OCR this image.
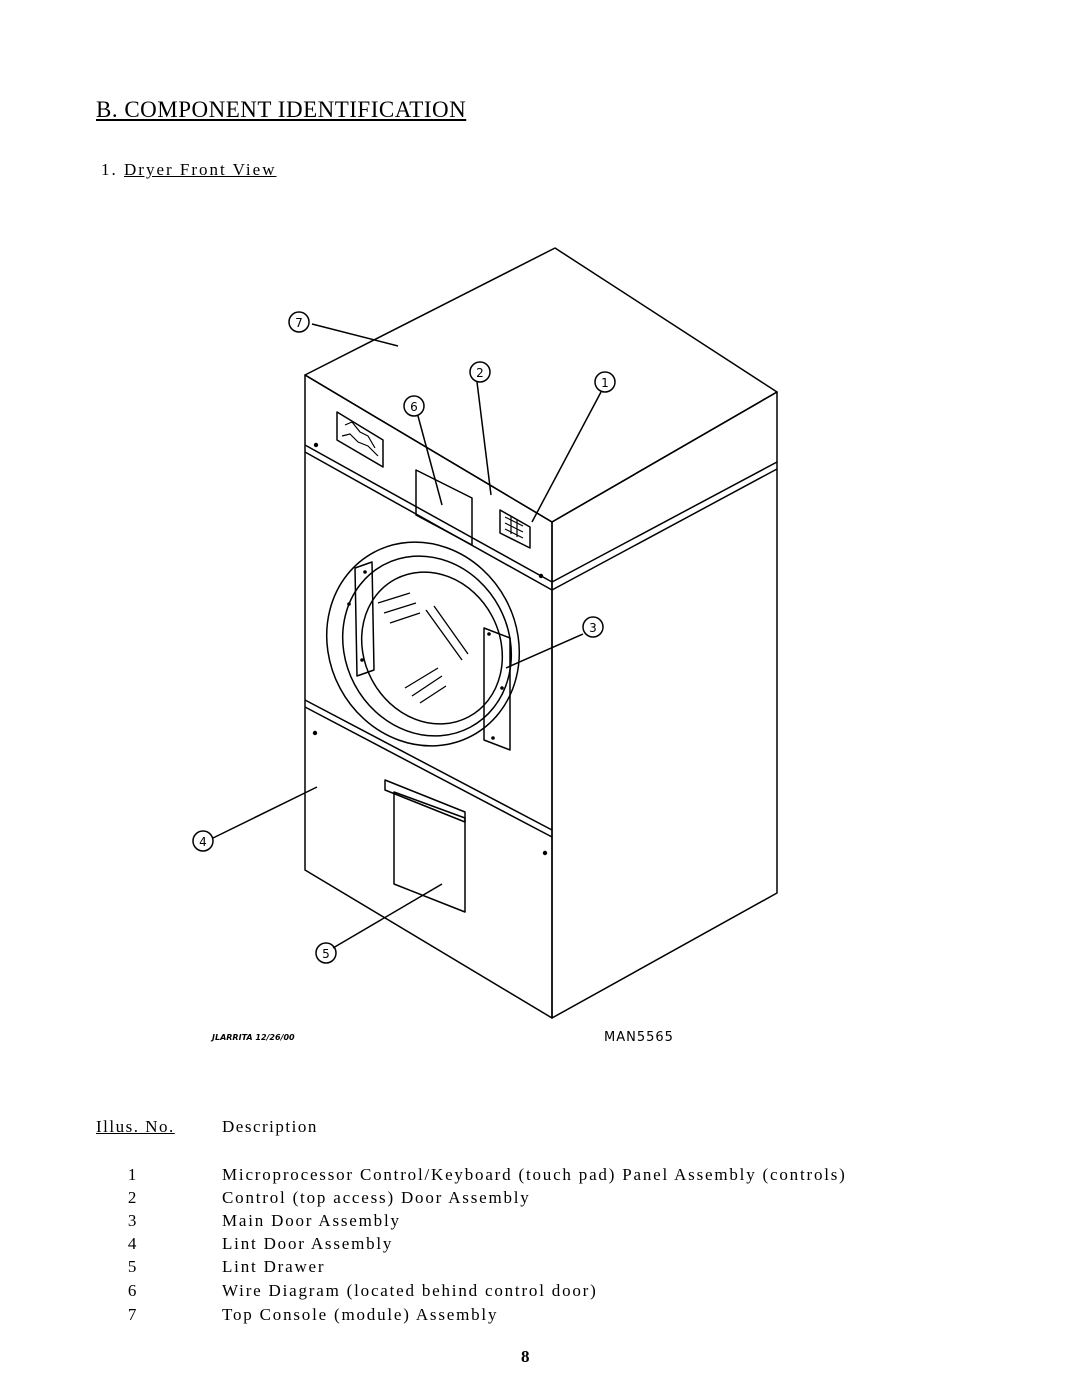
B. COMPONENT IDENTIFICATION
1. Dryer Front View
7
2
1
6
3
4
5
JLARRITA 12/26/00	MAN5565
Illus. No.	Description
1	Microprocessor Control/Keyboard (touch pad) Panel Assembly (controls)
2	Control (top access) Door Assembly
3	Main Door Assembly
4	Lint Door Assembly
5	Lint Drawer
6	Wire Diagram (located behind control door)
7	Top Console (module) Assembly
8
